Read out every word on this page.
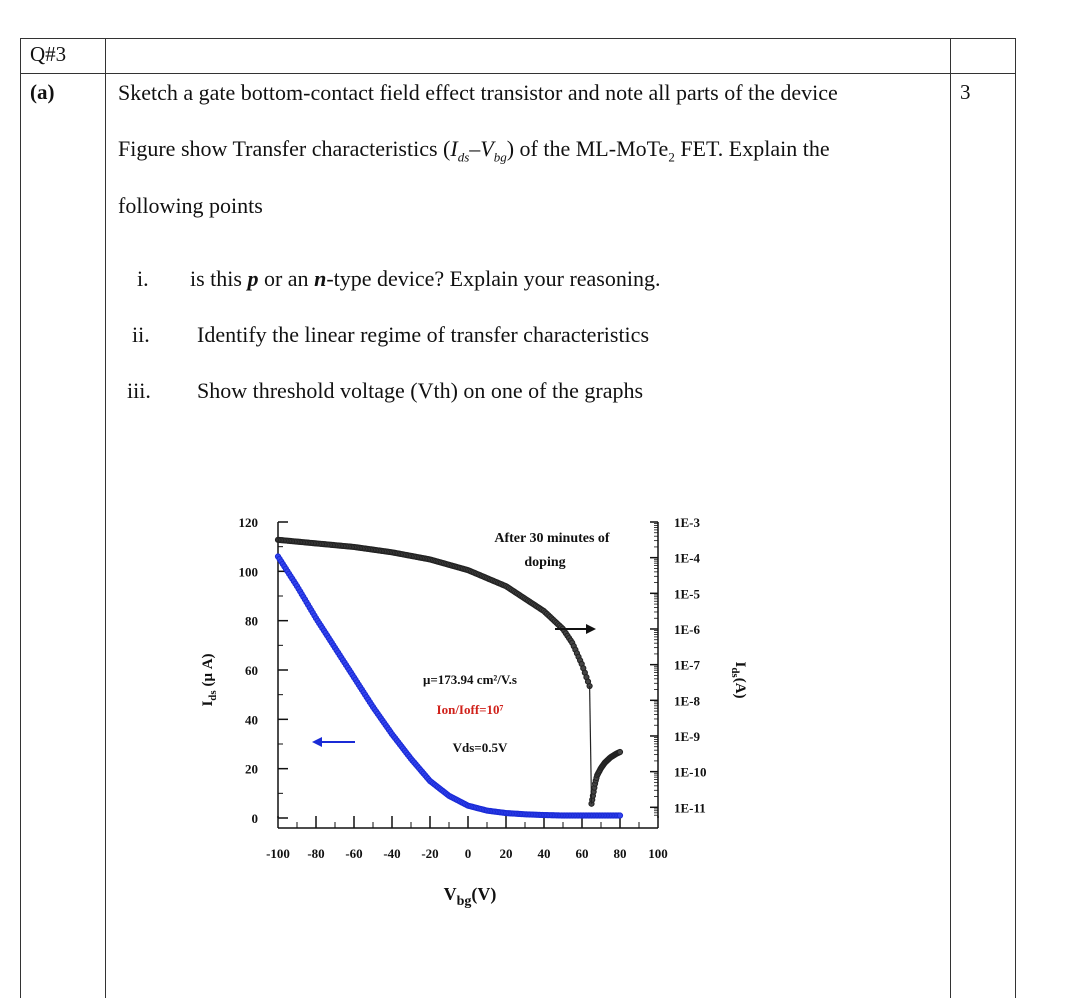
Q#3
(a)	3
Sketch a gate bottom-contact field effect transistor and note all parts of the device
Figure show Transfer characteristics $(I_{ds}-V_{bg})$ of the ML-MoTe$_2$ FET. Explain the
following points
i. is this p or an n-type device? Explain your reasoning.
ii. Identify the linear regime of transfer characteristics
iii. Show threshold voltage (Vth) on one of the graphs
120
100
80
60
40
20
0
1E-3
1E-4
1E-5
1E-6
1E-7
1E-8
1E-9
1E-10
1E-11
-100 -80 -60 -40 -20 0 20 40 60 80 100
$V_{bg}(V)$
$I_{ds}$ (μ A)	$I_{ds}(A)$
After 30 minutes of
doping
μ=173.94 cm²/V.s
Ion/Ioff=10⁷
Vds=0.5V
